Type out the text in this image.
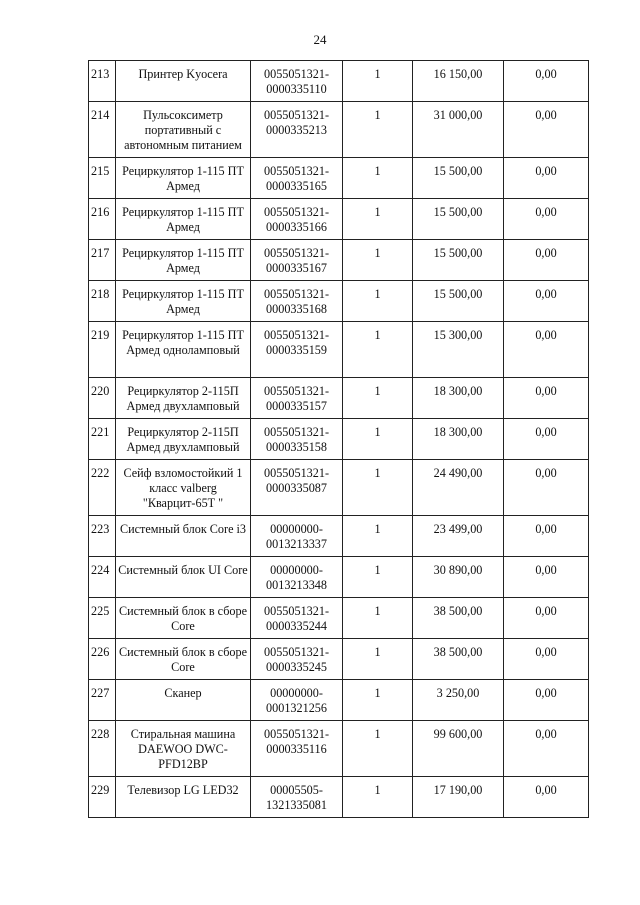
24
213	Принтер Kyocera	0055051321-0000335110	1	16 150,00	0,00
214	Пульсоксиметр портативный с автономным питанием	0055051321-0000335213	1	31 000,00	0,00
215	Рециркулятор 1-115 ПТ Армед	0055051321-0000335165	1	15 500,00	0,00
216	Рециркулятор 1-115 ПТ Армед	0055051321-0000335166	1	15 500,00	0,00
217	Рециркулятор 1-115 ПТ Армед	0055051321-0000335167	1	15 500,00	0,00
218	Рециркулятор 1-115 ПТ Армед	0055051321-0000335168	1	15 500,00	0,00
219	Рециркулятор 1-115 ПТ Армед одноламповый	0055051321-0000335159	1	15 300,00	0,00
220	Рециркулятор 2-115П Армед двухламповый	0055051321-0000335157	1	18 300,00	0,00
221	Рециркулятор 2-115П Армед двухламповый	0055051321-0000335158	1	18 300,00	0,00
222	Сейф взломостойкий 1 класс valberg "Кварцит-65Т "	0055051321-0000335087	1	24 490,00	0,00
223	Системный блок Core i3	00000000-0013213337	1	23 499,00	0,00
224	Системный блок UI Core	00000000-0013213348	1	30 890,00	0,00
225	Системный блок в сборе Core	0055051321-0000335244	1	38 500,00	0,00
226	Системный блок в сборе Core	0055051321-0000335245	1	38 500,00	0,00
227	Сканер	00000000-0001321256	1	3 250,00	0,00
228	Стиральная машина DAEWOO DWC-PFD12BP	0055051321-0000335116	1	99 600,00	0,00
229	Телевизор LG LED32	00005505-1321335081	1	17 190,00	0,00
